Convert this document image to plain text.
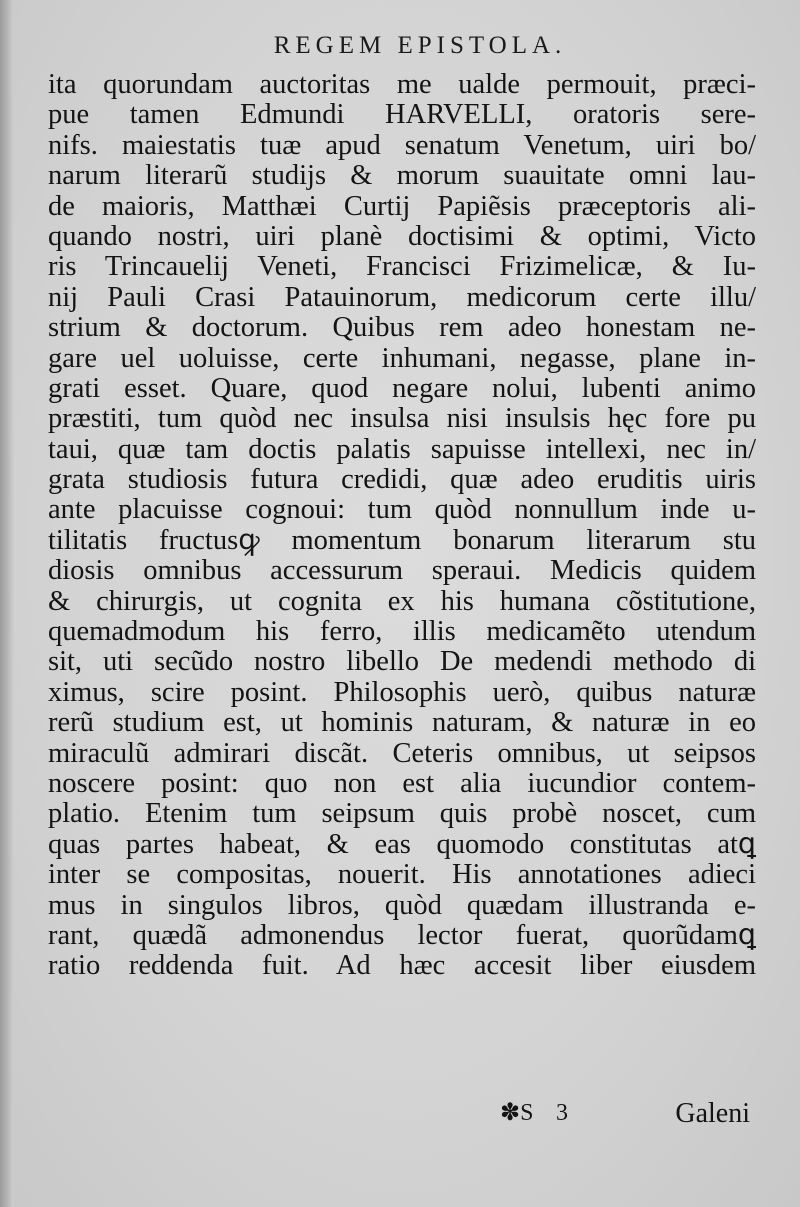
REGEM EPISTOLA.
ita quorundam auctoritas me ualde permouit, præci-
pue tamen Edmundi HARVELLI, oratoris sere-
nifs. maiestatis tuæ apud senatum Venetum, uiri bo/
narum literarũ studijs & morum suauitate omni lau-
de maioris, Matthæi Curtij Papiẽsis præceptoris ali-
quando nostri, uiri planè doctisimi & optimi, Victo
ris Trincauelij Veneti, Francisci Frizimelicæ, & Iu-
nij Pauli Crasi Patauinorum, medicorum certe illu/
strium & doctorum. Quibus rem adeo honestam ne-
gare uel uoluisse, certe inhumani, negasse, plane in-
grati esset. Quare, quod negare nolui, lubenti animo
præstiti, tum quòd nec insulsa nisi insulsis hęc fore pu
taui, quæ tam doctis palatis sapuisse intellexi, nec in/
grata studiosis futura credidi, quæ adeo eruditis uiris
ante placuisse cognoui: tum quòd nonnullum inde u-
tilitatis fructusꝙ momentum bonarum literarum stu
diosis omnibus accessurum speraui. Medicis quidem
& chirurgis, ut cognita ex his humana cõstitutione,
quemadmodum his ferro, illis medicamẽto utendum
sit, uti secũdo nostro libello De medendi methodo di
ximus, scire posint. Philosophis uerò, quibus naturæ
rerũ studium est, ut hominis naturam, & naturæ in eo
miraculũ admirari discãt. Ceteris omnibus, ut seipsos
noscere posint: quo non est alia iucundior contem-
platio. Etenim tum seipsum quis probè noscet, cum
quas partes habeat, & eas quomodo constitutas atꝗ
inter se compositas, nouerit. His annotationes adieci
mus in singulos libros, quòd quædam illustranda e-
rant, quædã admonendus lector fuerat, quorũdamꝗ
ratio reddenda fuit. Ad hæc accesit liber eiusdem
✽S 3	Galeni
